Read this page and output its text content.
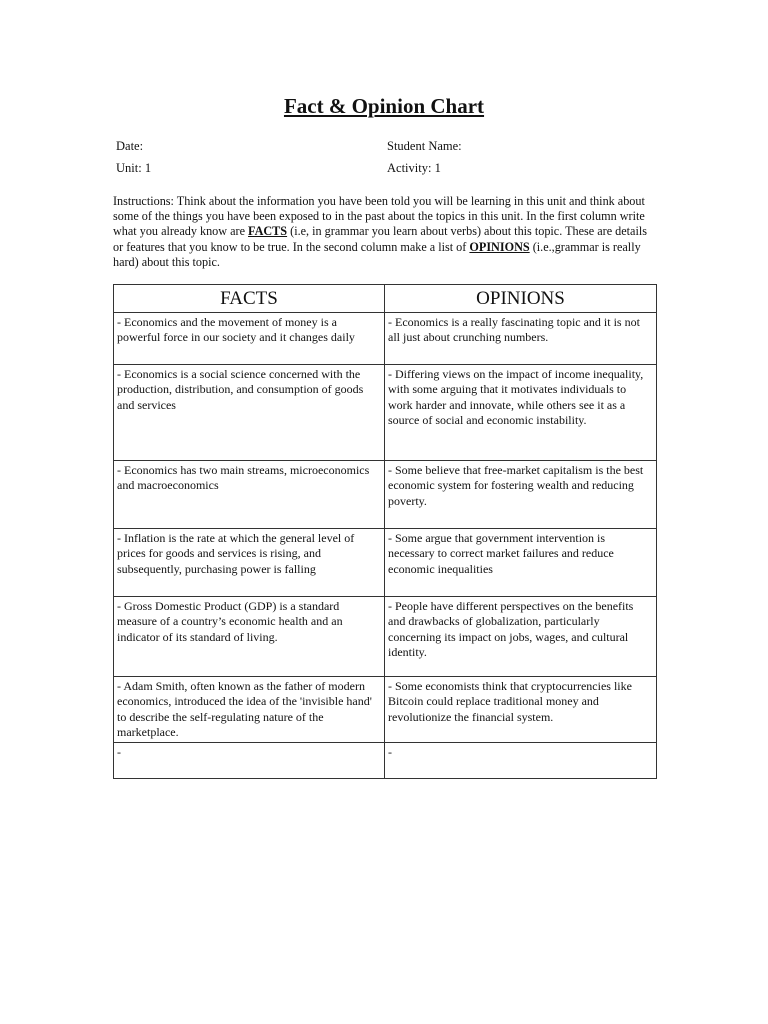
Fact & Opinion Chart
Date:	Student Name:
Unit: 1	Activity: 1
Instructions: Think about the information you have been told you will be learning in this unit and think about some of the things you have been exposed to in the past about the topics in this unit. In the first column write what you already know are FACTS (i.e, in grammar you learn about verbs) about this topic. These are details or features that you know to be true. In the second column make a list of OPINIONS (i.e.,grammar is really hard) about this topic.
FACTS	OPINIONS
- Economics and the movement of money is a powerful force in our society and it changes daily	- Economics is a really fascinating topic and it is not all just about crunching numbers.
- Economics is a social science concerned with the production, distribution, and consumption of goods and services	- Differing views on the impact of income inequality, with some arguing that it motivates individuals to work harder and innovate, while others see it as a source of social and economic instability.
- Economics has two main streams, microeconomics and macroeconomics	- Some believe that free-market capitalism is the best economic system for fostering wealth and reducing poverty.
- Inflation is the rate at which the general level of prices for goods and services is rising, and subsequently, purchasing power is falling	- Some argue that government intervention is necessary to correct market failures and reduce economic inequalities
- Gross Domestic Product (GDP) is a standard measure of a country’s economic health and an indicator of its standard of living.	- People have different perspectives on the benefits and drawbacks of globalization, particularly concerning its impact on jobs, wages, and cultural identity.
- Adam Smith, often known as the father of modern economics, introduced the idea of the 'invisible hand' to describe the self-regulating nature of the marketplace.	- Some economists think that cryptocurrencies like Bitcoin could replace traditional money and revolutionize the financial system.
-	-
